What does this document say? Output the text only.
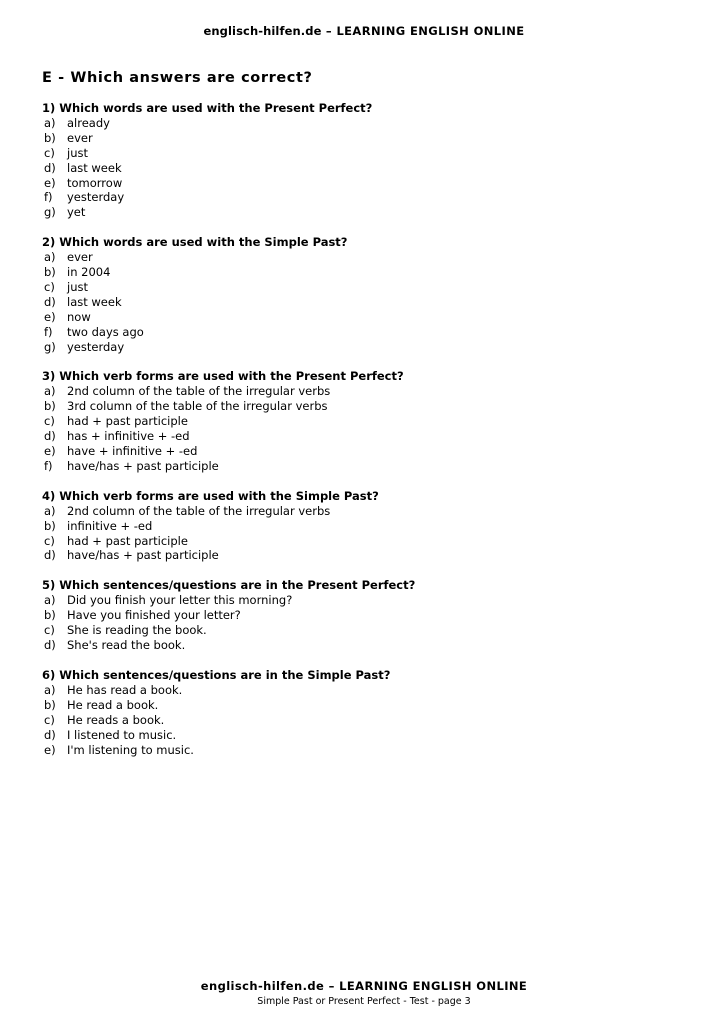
englisch-hilfen.de – LEARNING ENGLISH ONLINE
E - Which answers are correct?
1) Which words are used with the Present Perfect?
a) already
b) ever
c) just
d) last week
e) tomorrow
f) yesterday
g) yet
2) Which words are used with the Simple Past?
a) ever
b) in 2004
c) just
d) last week
e) now
f) two days ago
g) yesterday
3) Which verb forms are used with the Present Perfect?
a) 2nd column of the table of the irregular verbs
b) 3rd column of the table of the irregular verbs
c) had + past participle
d) has + infinitive + -ed
e) have + infinitive + -ed
f) have/has + past participle
4) Which verb forms are used with the Simple Past?
a) 2nd column of the table of the irregular verbs
b) infinitive + -ed
c) had + past participle
d) have/has + past participle
5) Which sentences/questions are in the Present Perfect?
a) Did you finish your letter this morning?
b) Have you finished your letter?
c) She is reading the book.
d) She's read the book.
6) Which sentences/questions are in the Simple Past?
a) He has read a book.
b) He read a book.
c) He reads a book.
d) I listened to music.
e) I'm listening to music.
englisch-hilfen.de – LEARNING ENGLISH ONLINE
Simple Past or Present Perfect - Test - page 3
